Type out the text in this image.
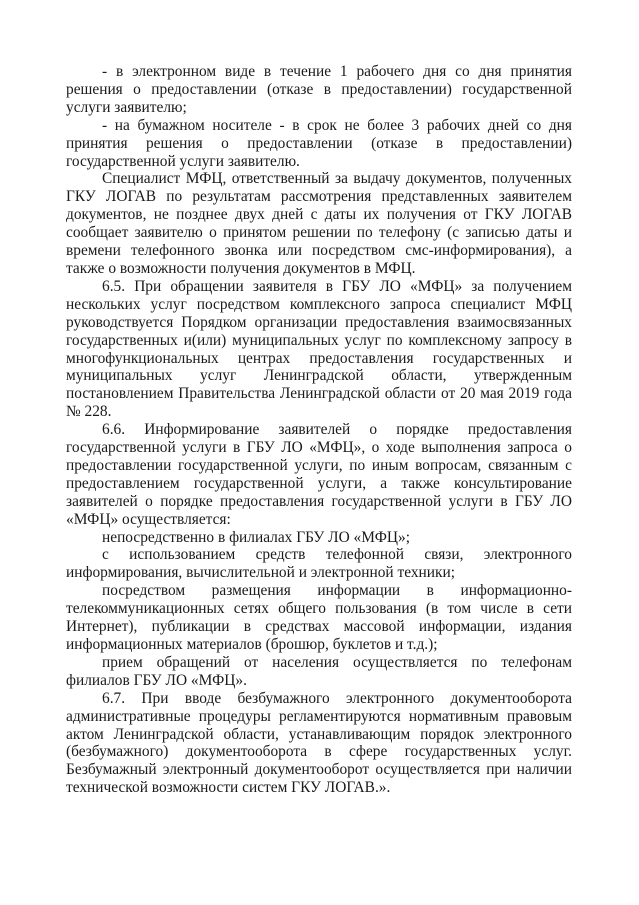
- в электронном виде в течение 1 рабочего дня со дня принятия решения о предоставлении (отказе в предоставлении) государственной услуги заявителю;

- на бумажном носителе - в срок не более 3 рабочих дней со дня принятия решения о предоставлении (отказе в предоставлении) государственной услуги заявителю.

Специалист МФЦ, ответственный за выдачу документов, полученных ГКУ ЛОГАВ по результатам рассмотрения представленных заявителем документов, не позднее двух дней с даты их получения от ГКУ ЛОГАВ сообщает заявителю о принятом решении по телефону (с записью даты и времени телефонного звонка или посредством смс-информирования), а также о возможности получения документов в МФЦ.

6.5. При обращении заявителя в ГБУ ЛО «МФЦ» за получением нескольких услуг посредством комплексного запроса специалист МФЦ руководствуется Порядком организации предоставления взаимосвязанных государственных и(или) муниципальных услуг по комплексному запросу в многофункциональных центрах предоставления государственных и муниципальных услуг Ленинградской области, утвержденным постановлением Правительства Ленинградской области от 20 мая 2019 года № 228.

6.6. Информирование заявителей о порядке предоставления государственной услуги в ГБУ ЛО «МФЦ», о ходе выполнения запроса о предоставлении государственной услуги, по иным вопросам, связанным с предоставлением государственной услуги, а также консультирование заявителей о порядке предоставления государственной услуги в ГБУ ЛО «МФЦ» осуществляется:

непосредственно в филиалах ГБУ ЛО «МФЦ»;

с использованием средств телефонной связи, электронного информирования, вычислительной и электронной техники;

посредством размещения информации в информационно-телекоммуникационных сетях общего пользования (в том числе в сети Интернет), публикации в средствах массовой информации, издания информационных материалов (брошюр, буклетов и т.д.);

прием обращений от населения осуществляется по телефонам филиалов ГБУ ЛО «МФЦ».

6.7. При вводе безбумажного электронного документооборота административные процедуры регламентируются нормативным правовым актом Ленинградской области, устанавливающим порядок электронного (безбумажного) документооборота в сфере государственных услуг. Безбумажный электронный документооборот осуществляется при наличии технической возможности систем ГКУ ЛОГАВ.».
